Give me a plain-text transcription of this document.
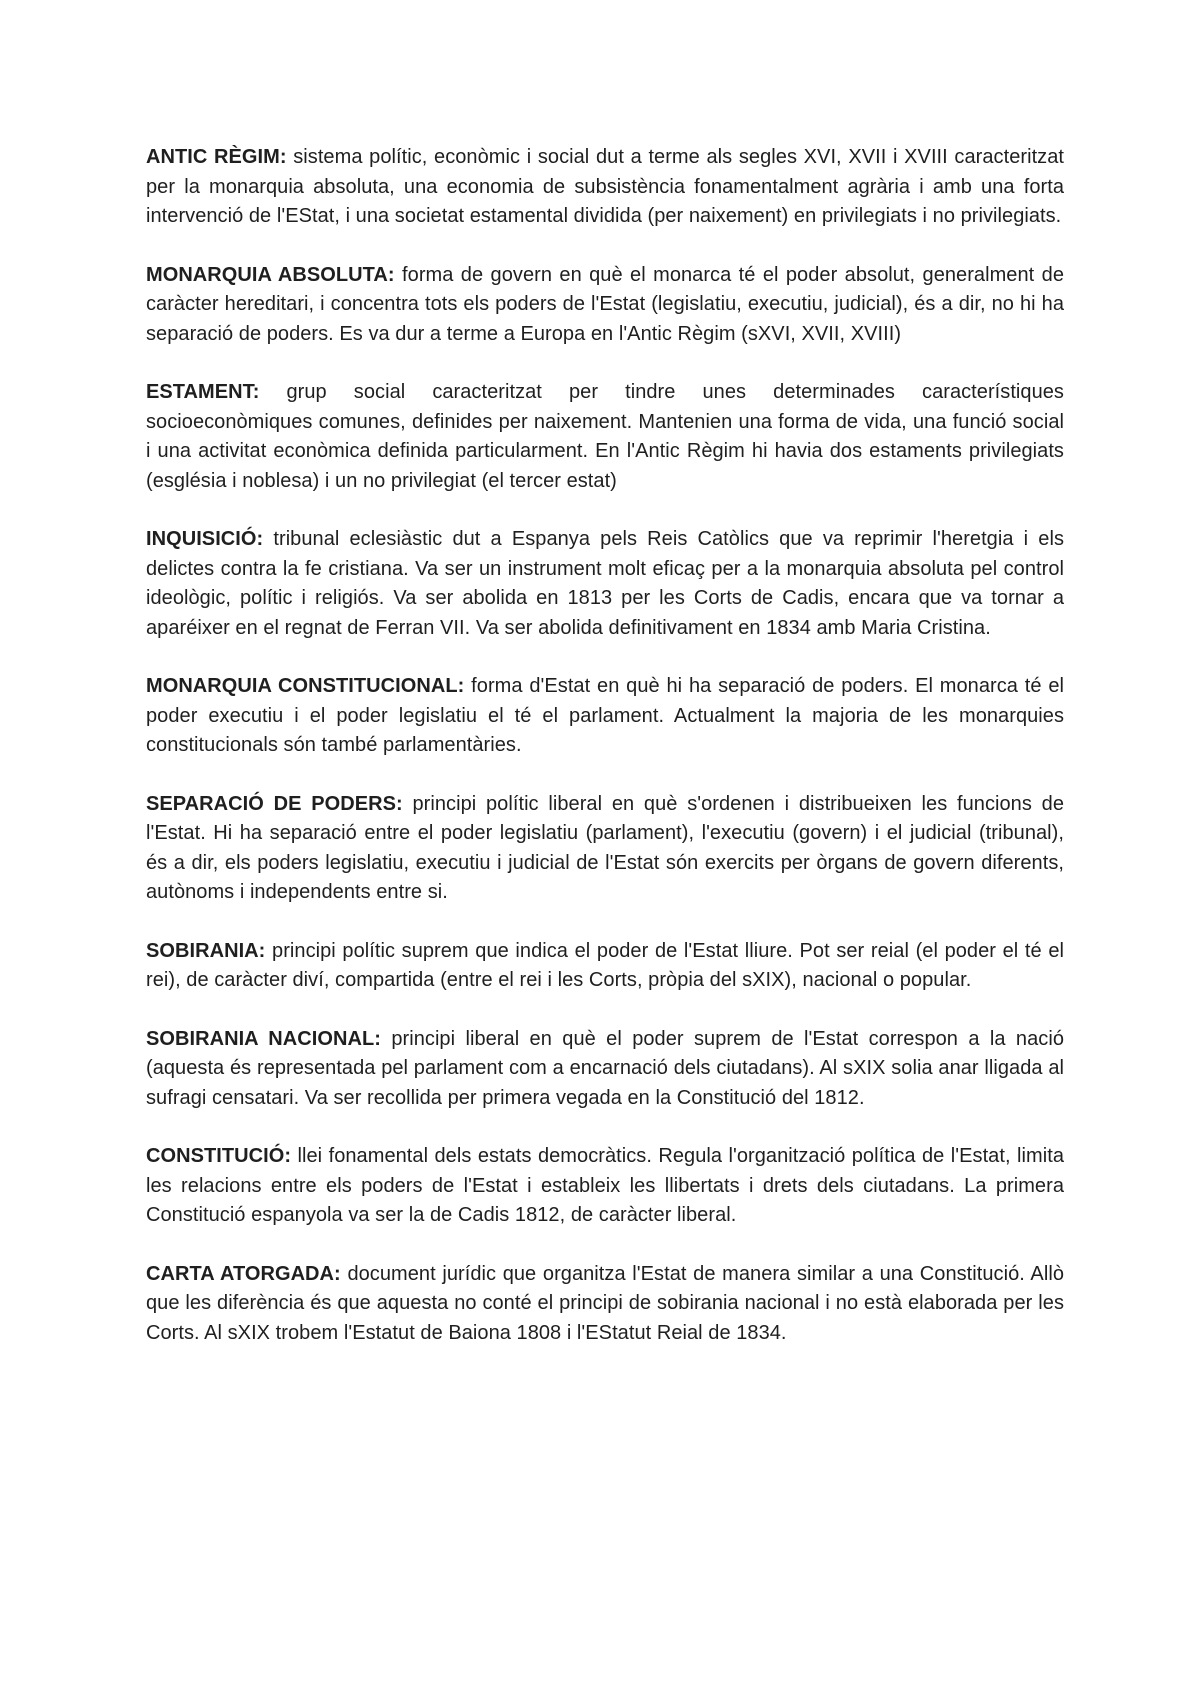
ANTIC RÈGIM: sistema polític, econòmic i social dut a terme als segles XVI, XVII i XVIII caracteritzat per la monarquia absoluta, una economia de subsistència fonamentalment agrària i amb una forta intervenció de l'EStat, i una societat estamental dividida (per naixement) en privilegiats i no privilegiats.

MONARQUIA ABSOLUTA: forma de govern en què el monarca té el poder absolut, generalment de caràcter hereditari, i concentra tots els poders de l'Estat (legislatiu, executiu, judicial), és a dir, no hi ha separació de poders. Es va dur a terme a Europa en l'Antic Règim (sXVI, XVII, XVIII)

ESTAMENT: grup social caracteritzat per tindre unes determinades característiques socioeconòmiques comunes, definides per naixement. Mantenien una forma de vida, una funció social i una activitat econòmica definida particularment. En l'Antic Règim hi havia dos estaments privilegiats (església i noblesa) i un no privilegiat (el tercer estat)

INQUISICIÓ: tribunal eclesiàstic dut a Espanya pels Reis Catòlics que va reprimir l'heretgia i els delictes contra la fe cristiana. Va ser un instrument molt eficaç per a la monarquia absoluta pel control ideològic, polític i religiós. Va ser abolida en 1813 per les Corts de Cadis, encara que va tornar a aparéixer en el regnat de Ferran VII. Va ser abolida definitivament en 1834 amb Maria Cristina.

MONARQUIA CONSTITUCIONAL: forma d'Estat en què hi ha separació de poders. El monarca té el poder executiu i el poder legislatiu el té el parlament. Actualment la majoria de les monarquies constitucionals són també parlamentàries.

SEPARACIÓ DE PODERS: principi polític liberal en què s'ordenen i distribueixen les funcions de l'Estat. Hi ha separació entre el poder legislatiu (parlament), l'executiu (govern) i el judicial (tribunal), és a dir, els poders legislatiu, executiu i judicial de l'Estat són exercits per òrgans de govern diferents, autònoms i independents entre si.

SOBIRANIA: principi polític suprem que indica el poder de l'Estat lliure. Pot ser reial (el poder el té el rei), de caràcter diví, compartida (entre el rei i les Corts, pròpia del sXIX), nacional o popular.

SOBIRANIA NACIONAL: principi liberal en què el poder suprem de l'Estat correspon a la nació (aquesta és representada pel parlament com a encarnació dels ciutadans). Al sXIX solia anar lligada al sufragi censatari. Va ser recollida per primera vegada en la Constitució del 1812.

CONSTITUCIÓ: llei fonamental dels estats democràtics. Regula l'organització política de l'Estat, limita les relacions entre els poders de l'Estat i estableix les llibertats i drets dels ciutadans. La primera Constitució espanyola va ser la de Cadis 1812, de caràcter liberal.

CARTA ATORGADA: document jurídic que organitza l'Estat de manera similar a una Constitució. Allò que les diferència és que aquesta no conté el principi de sobirania nacional i no està elaborada per les Corts. Al sXIX trobem l'Estatut de Baiona 1808 i l'EStatut Reial de 1834.
